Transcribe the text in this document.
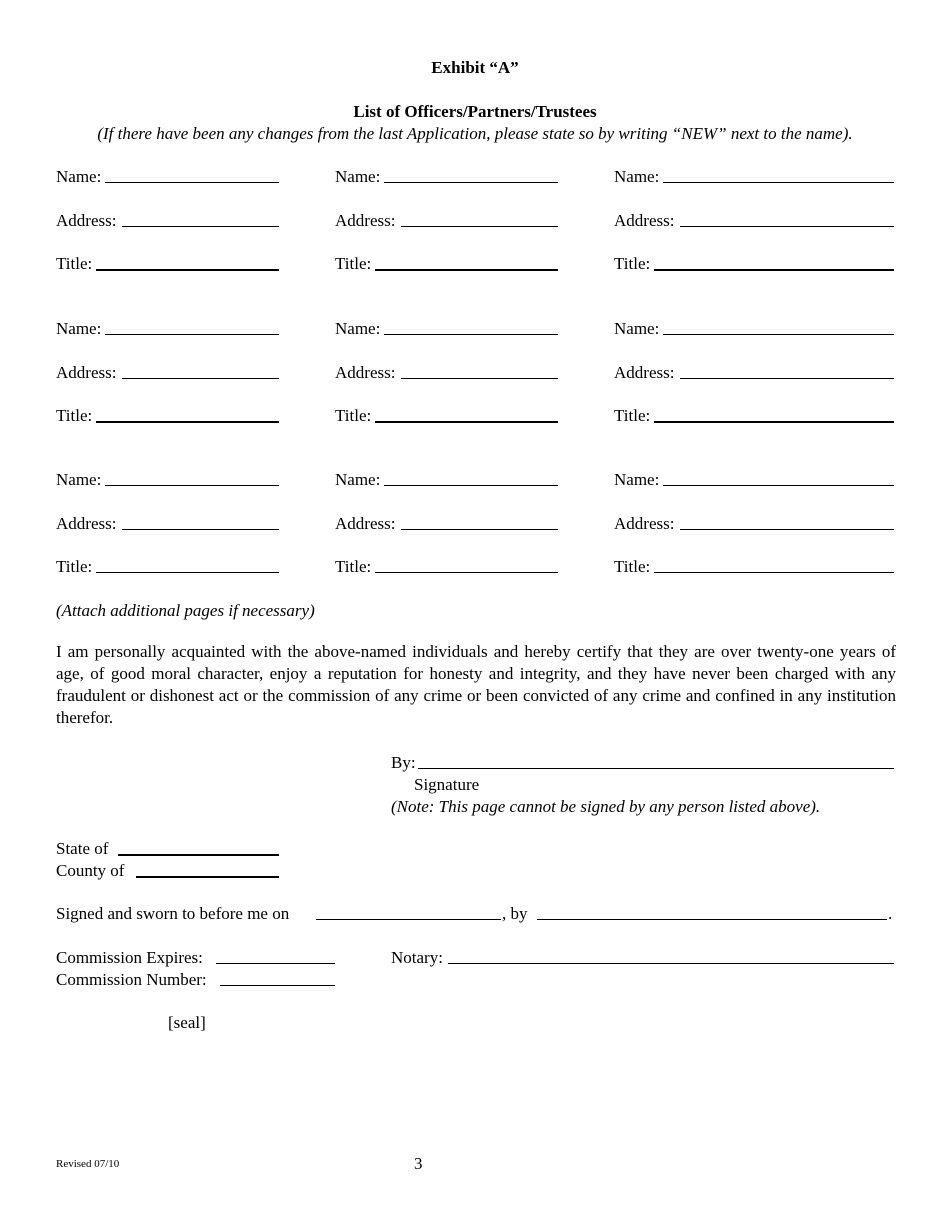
Exhibit “A”
List of Officers/Partners/Trustees
(If there have been any changes from the last Application, please state so by writing “NEW” next to the name).
Name:
Address:
Title:
Name:
Address:
Title:
Name:
Address:
Title:
Name:
Address:
Title:
Name:
Address:
Title:
Name:
Address:
Title:
Name:
Address:
Title:
Name:
Address:
Title:
Name:
Address:
Title:
(Attach additional pages if necessary)
I am personally acquainted with the above-named individuals and hereby certify that they are over twenty-one years of age, of good moral character, enjoy a reputation for honesty and integrity, and they have never been charged with any fraudulent or dishonest act or the commission of any crime or been convicted of any crime and confined in any institution therefor.
By:
Signature
(Note: This page cannot be signed by any person listed above).
State of
County of
Signed and sworn to before me on	, by	.
Commission Expires:
Commission Number:
Notary:
[seal]
Revised 07/10	3
